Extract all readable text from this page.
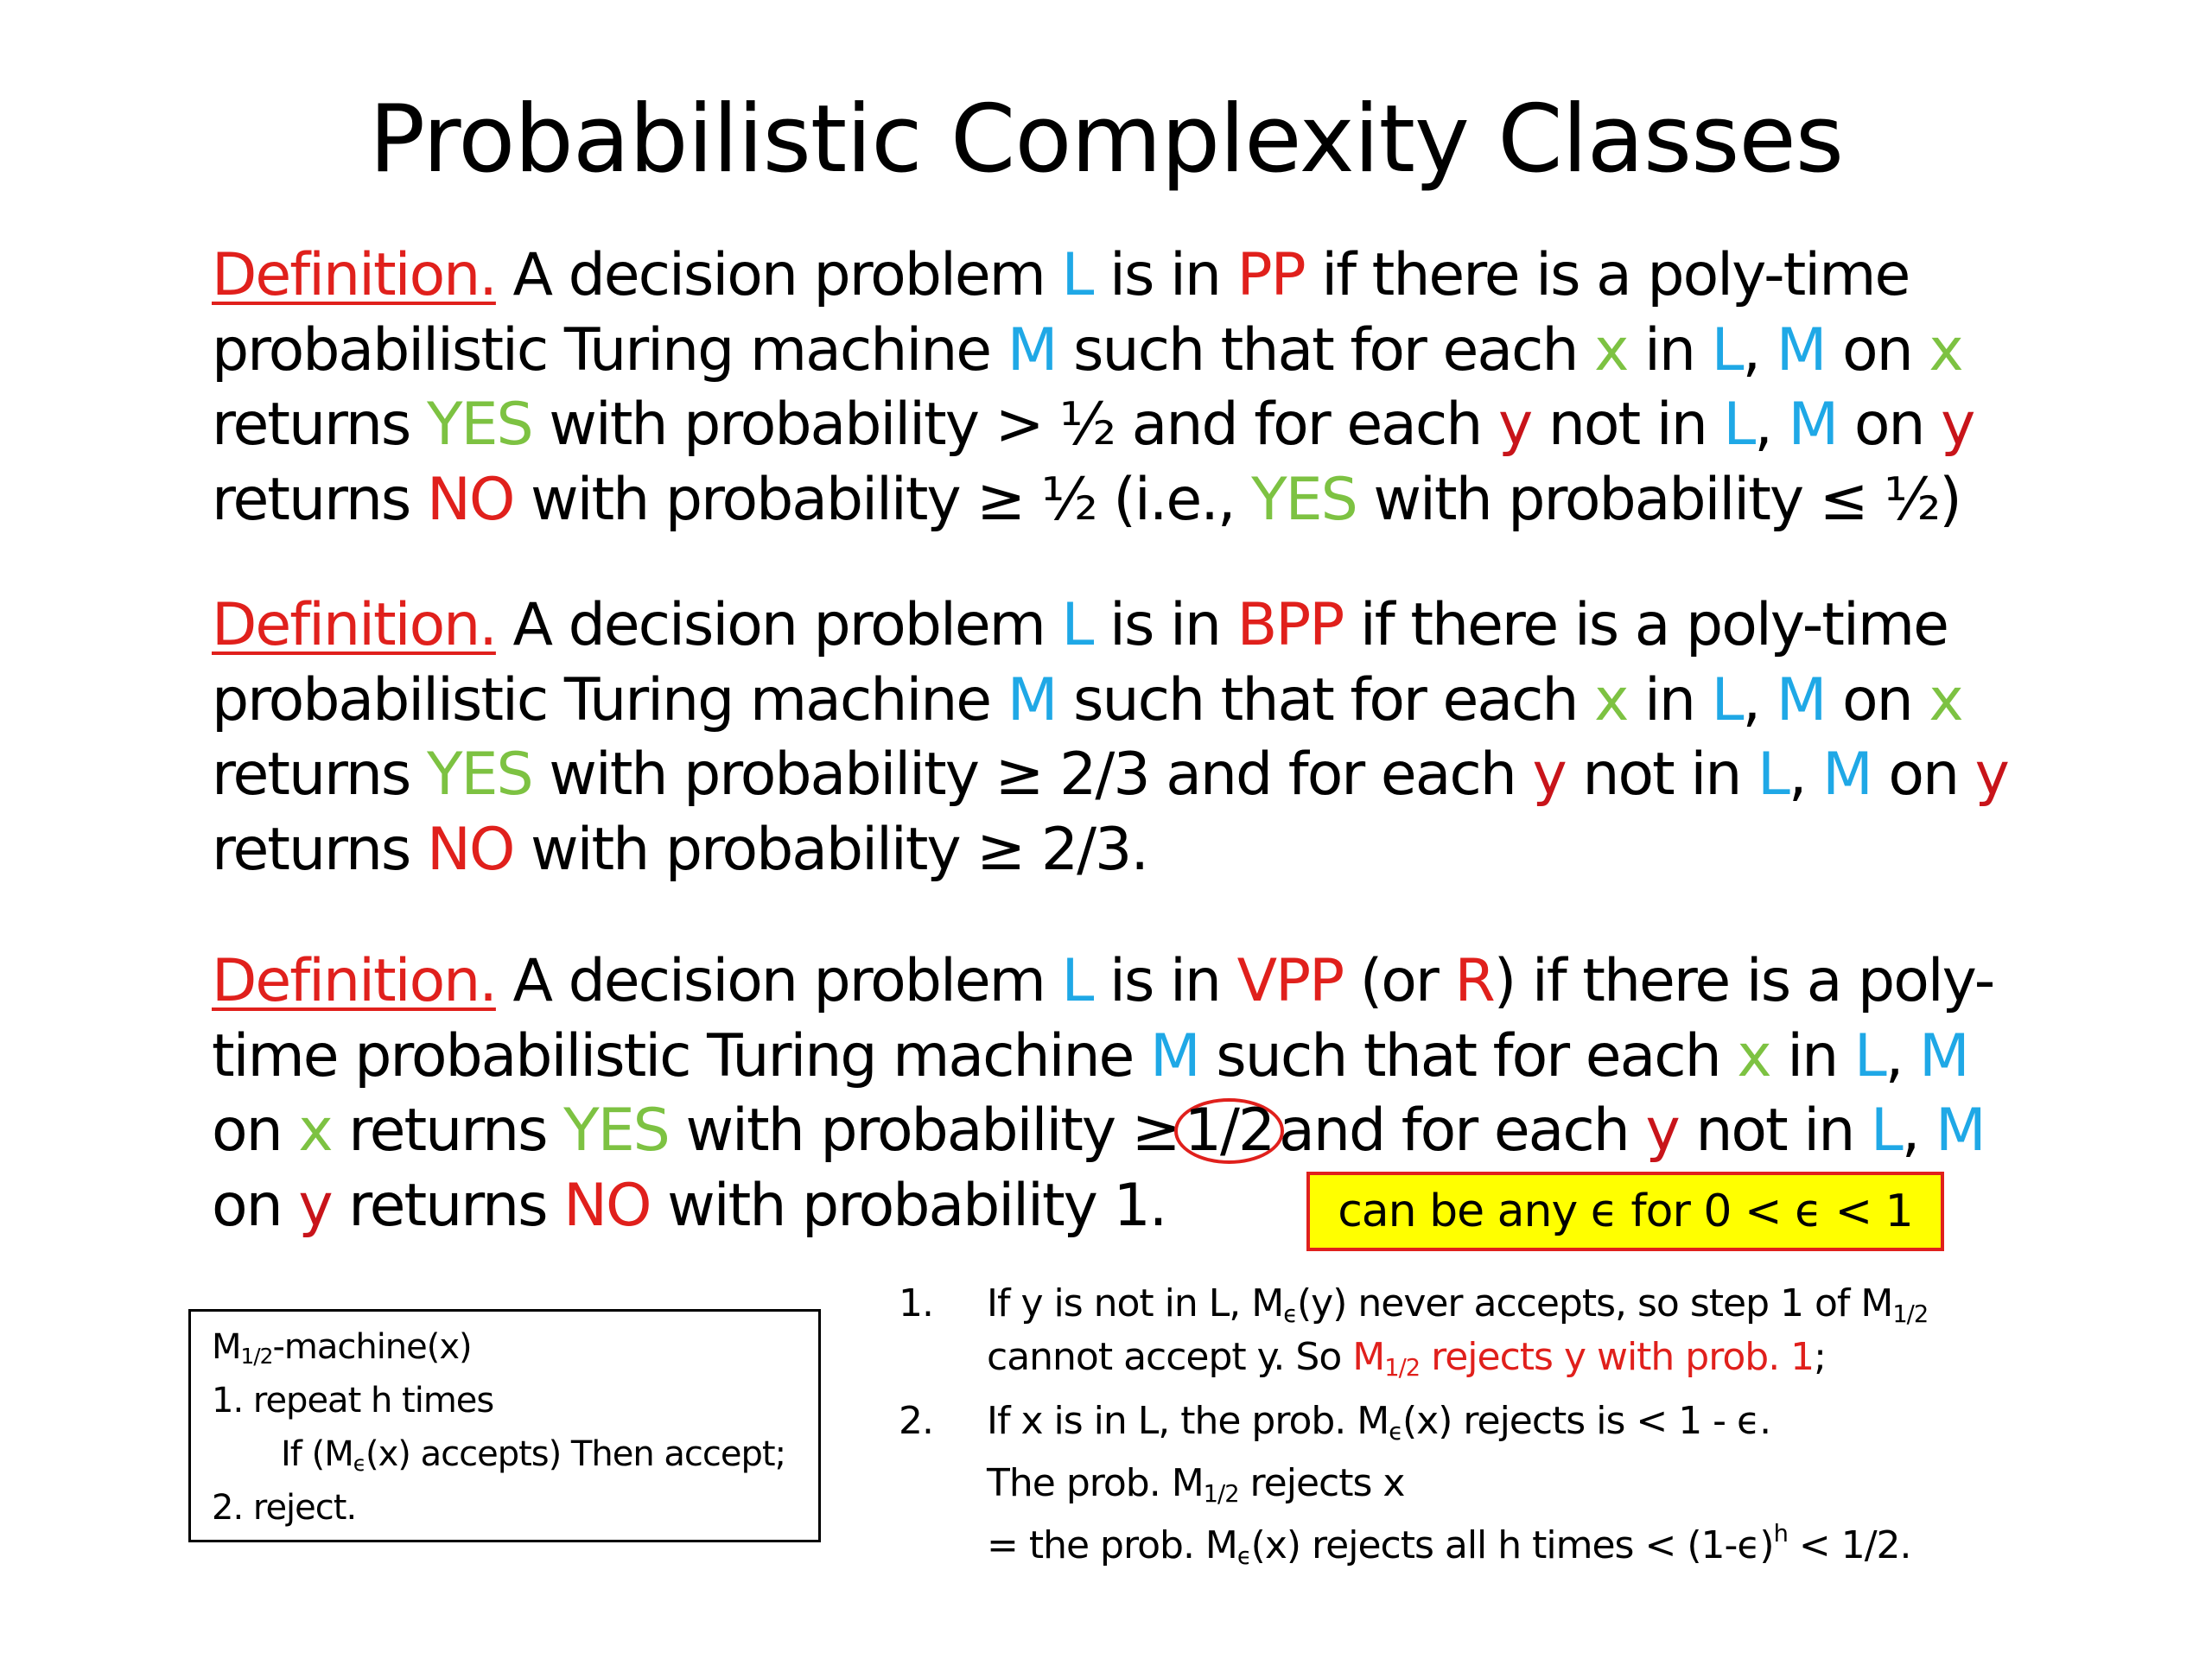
Probabilistic Complexity Classes
Definition. A decision problem L is in PP if there is a poly-time
probabilistic Turing machine M such that for each x in L, M on x
returns YES with probability > ½ and for each y not in L, M on y
returns NO with probability ≥ ½ (i.e., YES with probability ≤ ½)
Definition. A decision problem L is in BPP if there is a poly-time
probabilistic Turing machine M such that for each x in L, M on x
returns YES with probability ≥ 2/3 and for each y not in L, M on y
returns NO with probability ≥ 2/3.
Definition. A decision problem L is in VPP (or R) if there is a poly-
time probabilistic Turing machine M such that for each x in L, M
on x returns YES with probability ≥1/2and for each y not in L, M
on y returns NO with probability 1.	can be any ϵ for 0 < ϵ < 1
$M_{1/2}-machine(x)$
1. repeat h times
If ($M_\epsilon(x)$ accepts) Then accept;
2. reject.
1.	If y is not in L, $M_\epsilon(y)$ never accepts, so step 1 of $M_{1/2}$
cannot accept y. So $M_{1/2}$ rejects y with prob. 1;
2.	If x is in L, the prob. $M_\epsilon(x)$ rejects is < 1 - ϵ.
The prob. $M_{1/2}$ rejects x
= the prob. $M_\epsilon(x)$ rejects all h times < $(1-\epsilon)^h < 1/2$.
